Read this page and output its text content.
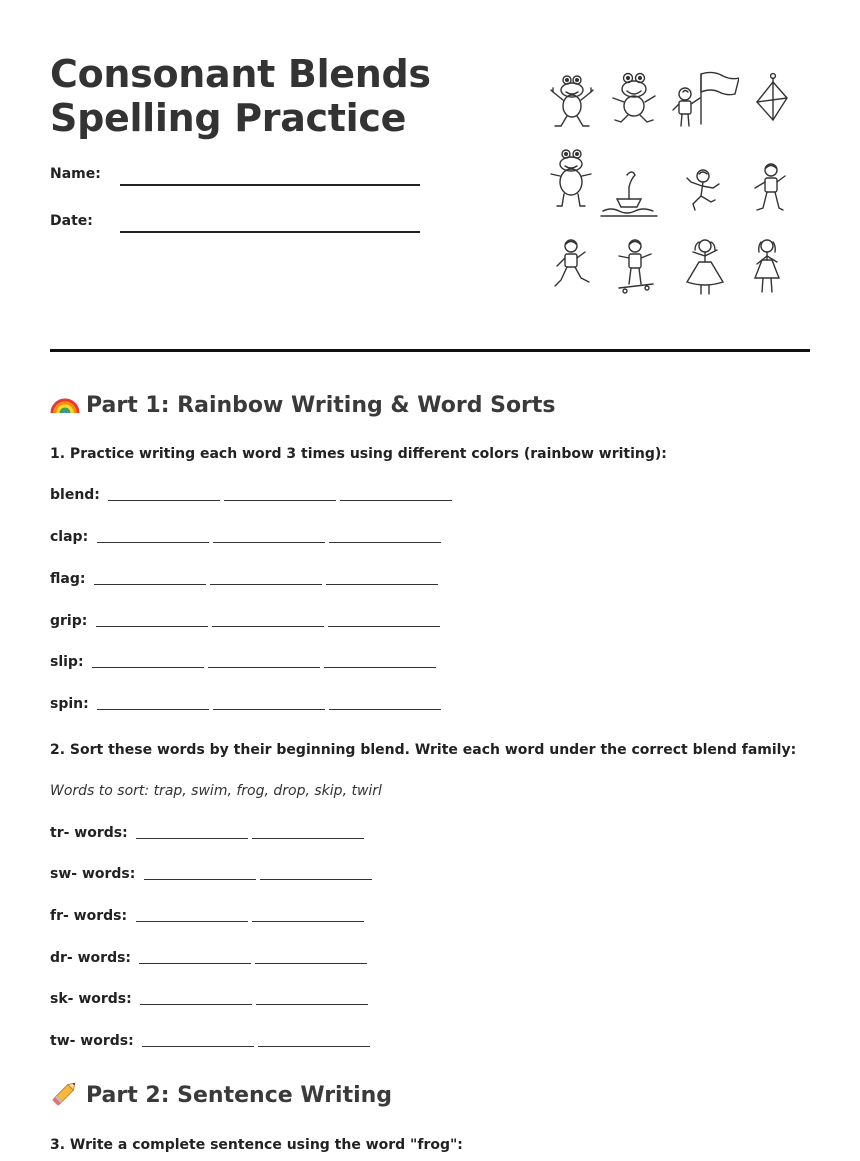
Consonant Blends
Spelling Practice
Name:
Date:
Part 1: Rainbow Writing & Word Sorts

1. Practice writing each word 3 times using different colors (rainbow writing):

blend:
clap:
flag:
grip:
slip:
spin:

2. Sort these words by their beginning blend. Write each word under the correct blend family:

Words to sort: trap, swim, frog, drop, skip, twirl
tr- words:
sw- words:
fr- words:
dr- words:
sk- words:
tw- words:
Part 2: Sentence Writing

3. Write a complete sentence using the word "frog":
